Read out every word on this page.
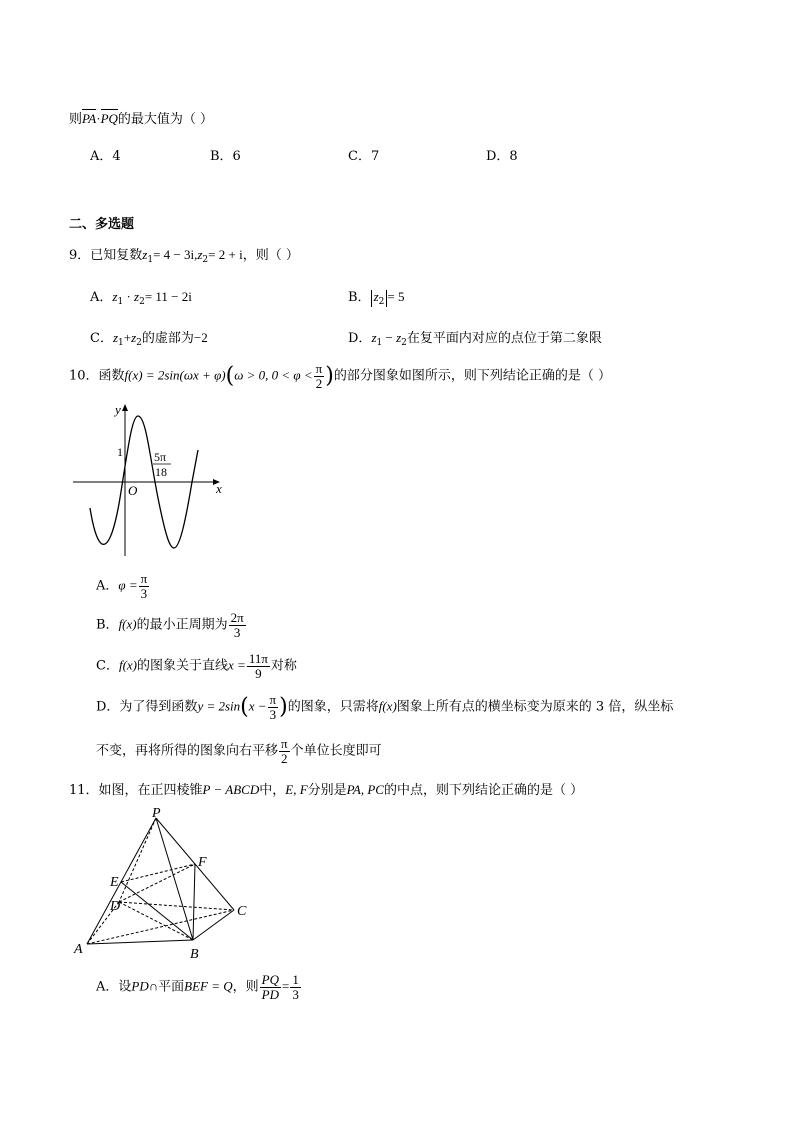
则PA·PQ的最大值为（ ）
A．4	B．6	C．7	D．8
二、多选题
9．已知复数$z_1= 4 - 3i,z_2= 2 + i$，则（ ）
A．$z_1 \cdot z_2= 11 - 2i$	B． $z_2 = 5$
C．$z_1+z_2$的虚部为−2	D．$z_1 - z_2$在复平面内对应的点位于第二象限
10．函数f(x) = 2sin(ωx + φ)(ω > 0, $0 < \varphi < \frac{\pi}{2}$ )的部分图象如图所示，则下列结论正确的是（ ）
y
x
O
1	5π
18
A．$\varphi = \frac{\pi}{3}$
B．f(x)的最小正周期为 $\frac{2\pi}{3}$
C．f(x)的图象关于直线$x = \frac{11\pi}{9}$ 对称
D．为了得到函数$y = 2\sin(x - \frac{\pi}{3}$ )的图象，只需将f(x)图象上所有点的横坐标变为原来的 3 倍，纵坐标
不变，再将所得的图象向右平移 $\frac{\pi}{2}$ 个单位长度即可
11．如图，在正四棱锥P − ABCD中，E, F分别是PA, PC的中点，则下列结论正确的是（ ）
P
E
F
D	C
A	B
A．设PD∩平面BEF = Q，则 $\frac{PQ}{PD} = \frac{1}{3}$
